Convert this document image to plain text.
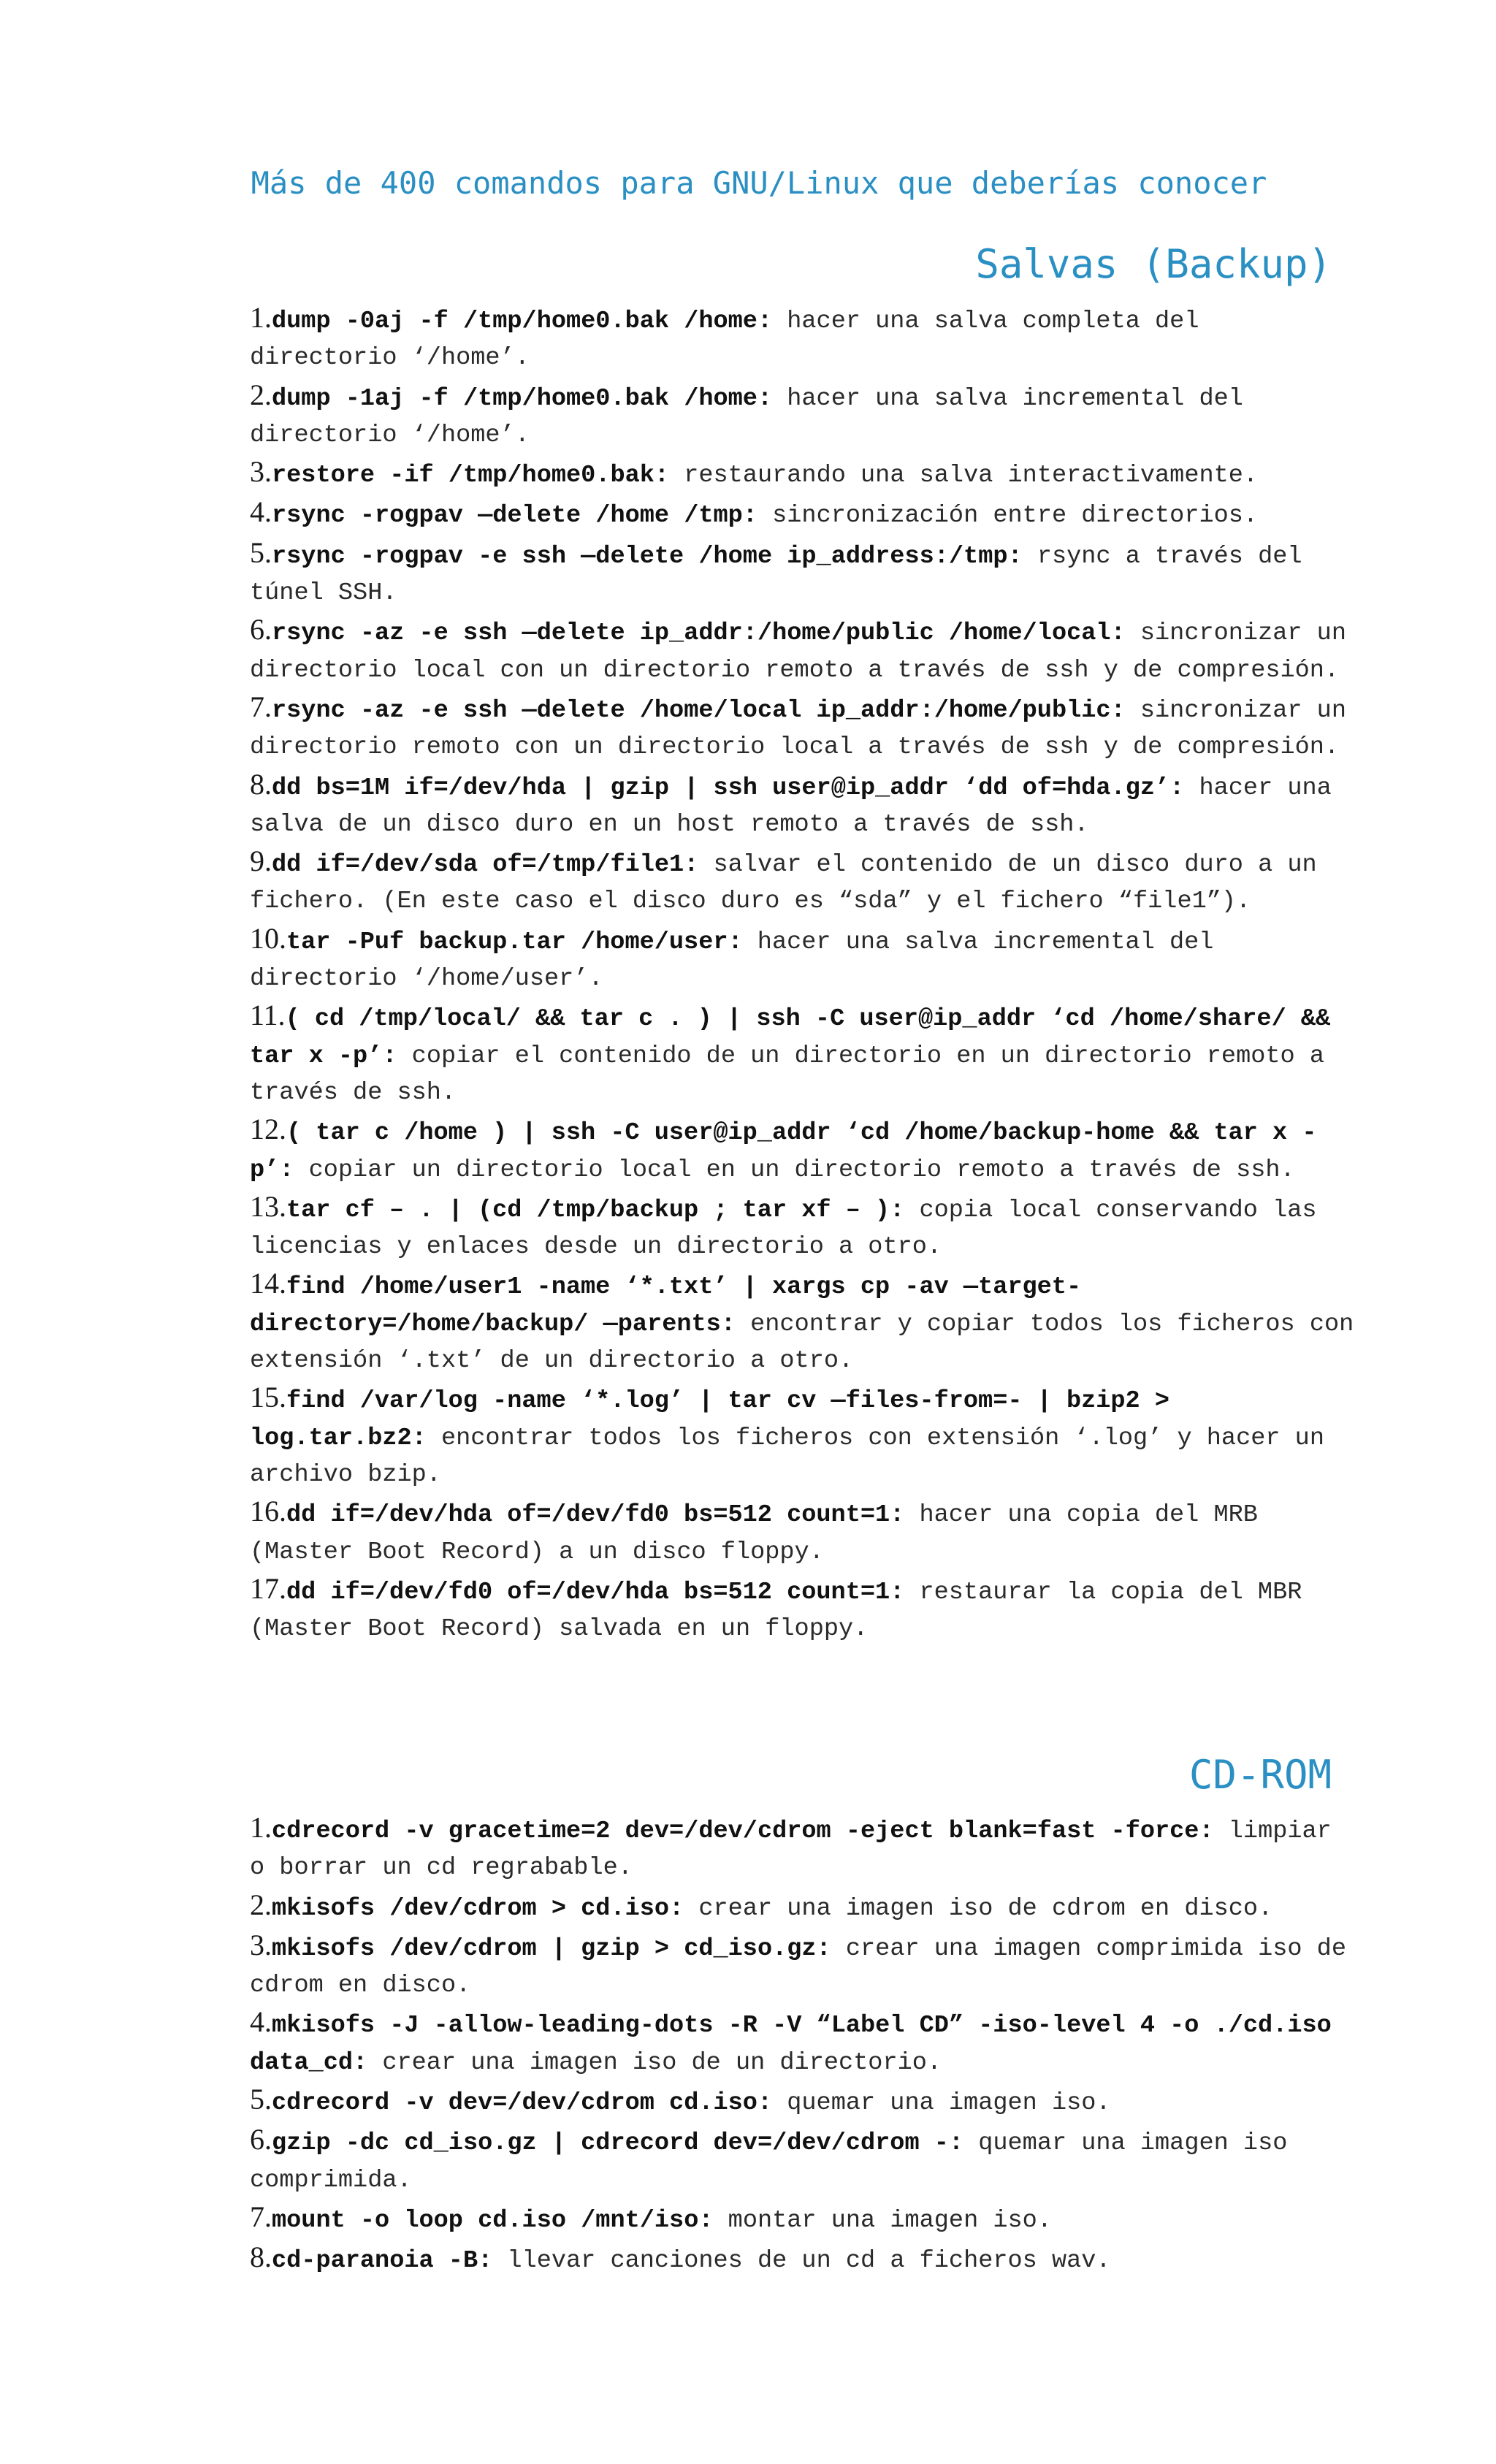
Más de 400 comandos para GNU/Linux que deberías conocer
Salvas (Backup)
1.dump -0aj -f /tmp/home0.bak /home: hacer una salva completa del directorio ‘/home’.
2.dump -1aj -f /tmp/home0.bak /home: hacer una salva incremental del directorio ‘/home’.
3.restore -if /tmp/home0.bak: restaurando una salva interactivamente.
4.rsync -rogpav —delete /home /tmp: sincronización entre directorios.
5.rsync -rogpav -e ssh —delete /home ip_address:/tmp: rsync a través del túnel SSH.
6.rsync -az -e ssh —delete ip_addr:/home/public /home/local: sincronizar un directorio local con un directorio remoto a través de ssh y de compresión.
7.rsync -az -e ssh —delete /home/local ip_addr:/home/public: sincronizar un directorio remoto con un directorio local a través de ssh y de compresión.
8.dd bs=1M if=/dev/hda | gzip | ssh user@ip_addr ‘dd of=hda.gz’: hacer una salva de un disco duro en un host remoto a través de ssh.
9.dd if=/dev/sda of=/tmp/file1: salvar el contenido de un disco duro a un fichero. (En este caso el disco duro es “sda” y el fichero “file1”).
10.tar -Puf backup.tar /home/user: hacer una salva incremental del directorio ‘/home/user’.
11.( cd /tmp/local/ && tar c . ) | ssh -C user@ip_addr ‘cd /home/share/ && tar x -p’: copiar el contenido de un directorio en un directorio remoto a través de ssh.
12.( tar c /home ) | ssh -C user@ip_addr ‘cd /home/backup-home && tar x -p’: copiar un directorio local en un directorio remoto a través de ssh.
13.tar cf – . | (cd /tmp/backup ; tar xf – ): copia local conservando las licencias y enlaces desde un directorio a otro.
14.find /home/user1 -name ‘*.txt’ | xargs cp -av —target-directory=/home/backup/ —parents: encontrar y copiar todos los ficheros con extensión ‘.txt’ de un directorio a otro.
15.find /var/log -name ‘*.log’ | tar cv —files-from=- | bzip2 > log.tar.bz2: encontrar todos los ficheros con extensión ‘.log’ y hacer un archivo bzip.
16.dd if=/dev/hda of=/dev/fd0 bs=512 count=1: hacer una copia del MRB (Master Boot Record) a un disco floppy.
17.dd if=/dev/fd0 of=/dev/hda bs=512 count=1: restaurar la copia del MBR (Master Boot Record) salvada en un floppy.
CD-ROM
1.cdrecord -v gracetime=2 dev=/dev/cdrom -eject blank=fast -force: limpiar o borrar un cd regrabable.
2.mkisofs /dev/cdrom > cd.iso: crear una imagen iso de cdrom en disco.
3.mkisofs /dev/cdrom | gzip > cd_iso.gz: crear una imagen comprimida iso de cdrom en disco.
4.mkisofs -J -allow-leading-dots -R -V “Label CD” -iso-level 4 -o ./cd.iso data_cd: crear una imagen iso de un directorio.
5.cdrecord -v dev=/dev/cdrom cd.iso: quemar una imagen iso.
6.gzip -dc cd_iso.gz | cdrecord dev=/dev/cdrom -: quemar una imagen iso comprimida.
7.mount -o loop cd.iso /mnt/iso: montar una imagen iso.
8.cd-paranoia -B: llevar canciones de un cd a ficheros wav.
